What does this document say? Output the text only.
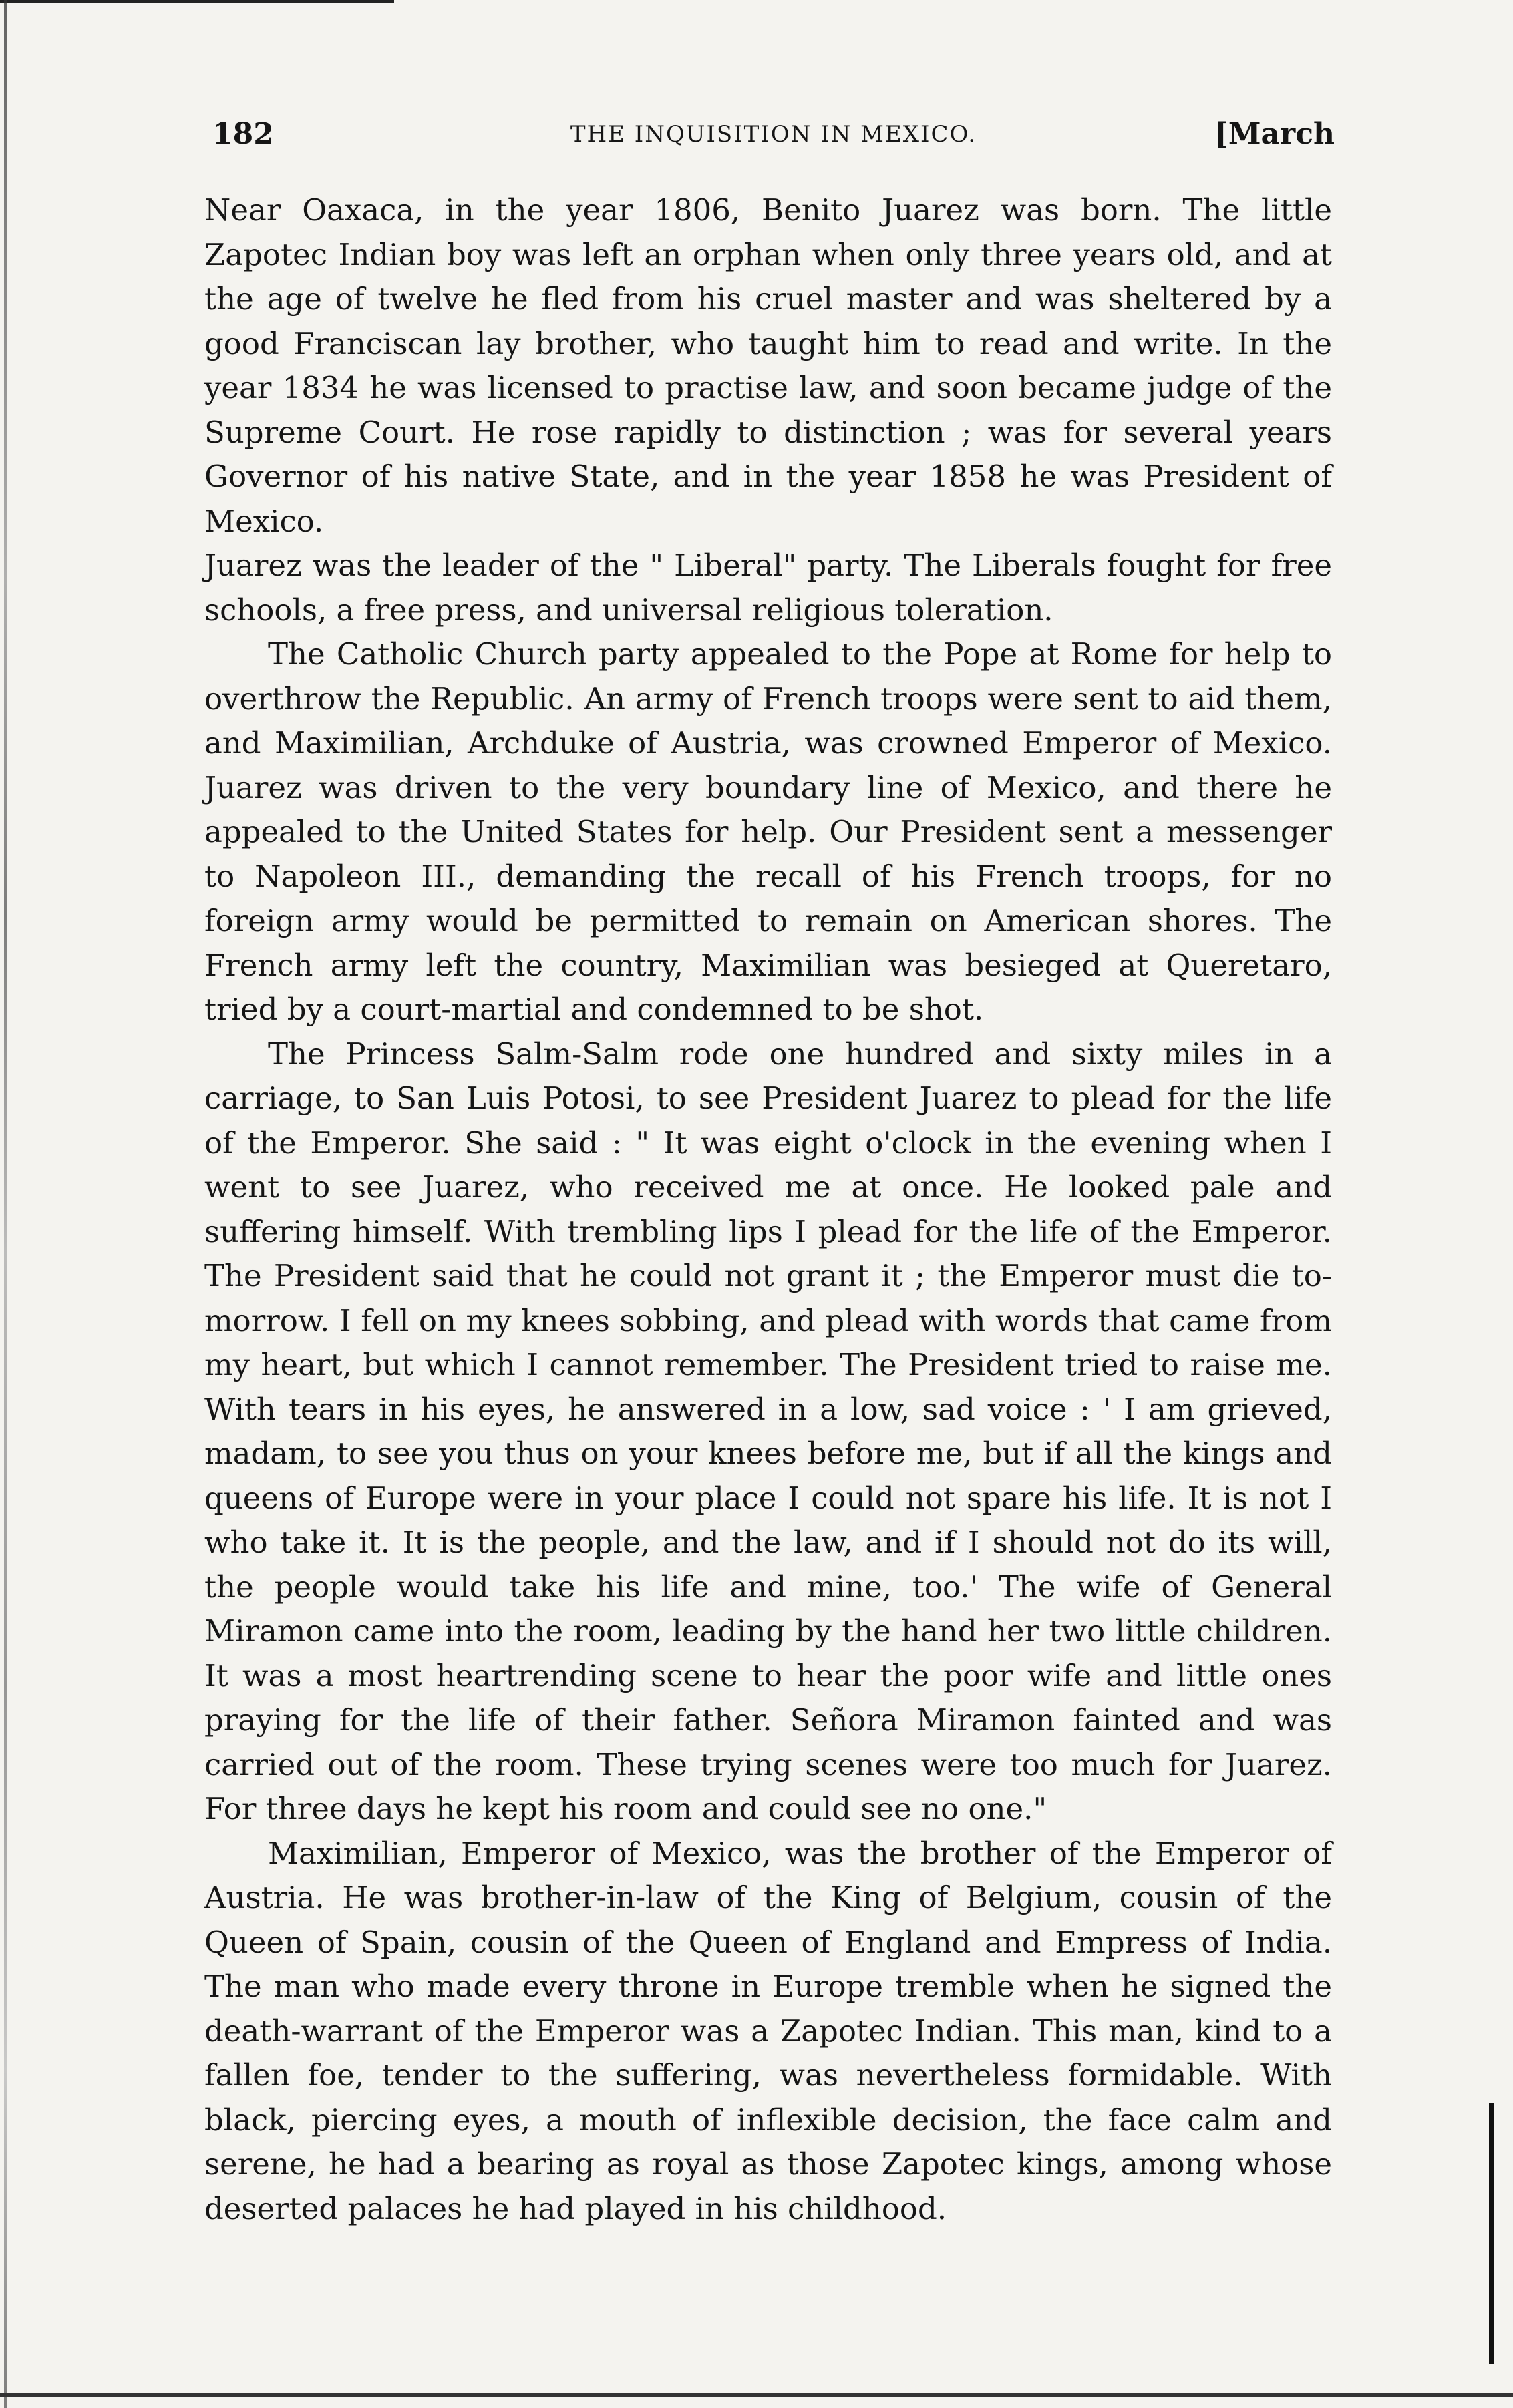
182	THE INQUISITION IN MEXICO.	[March

Near Oaxaca, in the year 1806, Benito Juarez was born. The little Zapotec Indian boy was left an orphan when only three years old, and at the age of twelve he fled from his cruel master and was sheltered by a good Franciscan lay brother, who taught him to read and write. In the year 1834 he was licensed to practise law, and soon became judge of the Supreme Court. He rose rapidly to distinction ; was for several years Governor of his native State, and in the year 1858 he was President of Mexico.

Juarez was the leader of the " Liberal" party. The Liberals fought for free schools, a free press, and universal religious toleration.

The Catholic Church party appealed to the Pope at Rome for help to overthrow the Republic. An army of French troops were sent to aid them, and Maximilian, Archduke of Austria, was crowned Emperor of Mexico. Juarez was driven to the very boundary line of Mexico, and there he appealed to the United States for help. Our President sent a messenger to Napoleon III., demanding the recall of his French troops, for no foreign army would be permitted to remain on American shores. The French army left the country, Maximilian was besieged at Queretaro, tried by a court-martial and condemned to be shot.

The Princess Salm-Salm rode one hundred and sixty miles in a carriage, to San Luis Potosi, to see President Juarez to plead for the life of the Emperor. She said : " It was eight o'clock in the evening when I went to see Juarez, who received me at once. He looked pale and suffering himself. With trembling lips I plead for the life of the Emperor. The President said that he could not grant it ; the Emperor must die to-morrow. I fell on my knees sobbing, and plead with words that came from my heart, but which I cannot remember. The President tried to raise me. With tears in his eyes, he answered in a low, sad voice : ' I am grieved, madam, to see you thus on your knees before me, but if all the kings and queens of Europe were in your place I could not spare his life. It is not I who take it. It is the people, and the law, and if I should not do its will, the people would take his life and mine, too.' The wife of General Miramon came into the room, leading by the hand her two little children. It was a most heartrending scene to hear the poor wife and little ones praying for the life of their father. Señora Miramon fainted and was carried out of the room. These trying scenes were too much for Juarez. For three days he kept his room and could see no one."

Maximilian, Emperor of Mexico, was the brother of the Emperor of Austria. He was brother-in-law of the King of Belgium, cousin of the Queen of Spain, cousin of the Queen of England and Empress of India. The man who made every throne in Europe tremble when he signed the death-warrant of the Emperor was a Zapotec Indian. This man, kind to a fallen foe, tender to the suffering, was nevertheless formidable. With black, piercing eyes, a mouth of inflexible decision, the face calm and serene, he had a bearing as royal as those Zapotec kings, among whose deserted palaces he had played in his childhood.
